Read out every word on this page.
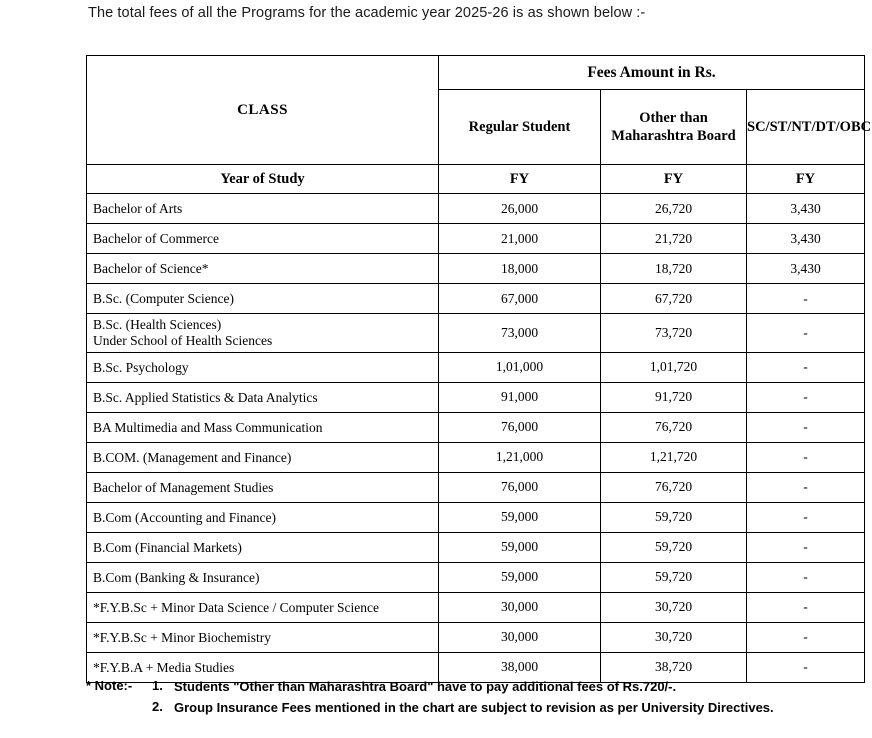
The total fees of all the Programs for the academic year 2025-26 is as shown below :-
CLASS	Fees Amount in Rs.		
	Regular Student	Other than Maharashtra Board	SC/ST/NT/DT/OBC
Year of Study	FY	FY	FY
Bachelor of Arts	26,000	26,720	3,430
Bachelor of Commerce	21,000	21,720	3,430
Bachelor of Science*	18,000	18,720	3,430
B.Sc. (Computer Science)	67,000	67,720	-

B.Sc. (Health Sciences)
Under School of Health Sciences	73,000	73,720	-
B.Sc. Psychology	1,01,000	1,01,720	-
B.Sc. Applied Statistics & Data Analytics	91,000	91,720	-
BA Multimedia and Mass Communication	76,000	76,720	-
B.COM. (Management and Finance)	1,21,000	1,21,720	-
Bachelor of Management Studies	76,000	76,720	-
B.Com (Accounting and Finance)	59,000	59,720	-
B.Com (Financial Markets)	59,000	59,720	-
B.Com (Banking & Insurance)	59,000	59,720	-
*F.Y.B.Sc + Minor Data Science / Computer Science	30,000	30,720	-
*F.Y.B.Sc + Minor Biochemistry	30,000	30,720	-
*F.Y.B.A + Media Studies	38,000	38,720	-
* Note:-	1. Students "Other than Maharashtra Board" have to pay additional fees of Rs.720/-.
2. Group Insurance Fees mentioned in the chart are subject to revision as per University Directives.
